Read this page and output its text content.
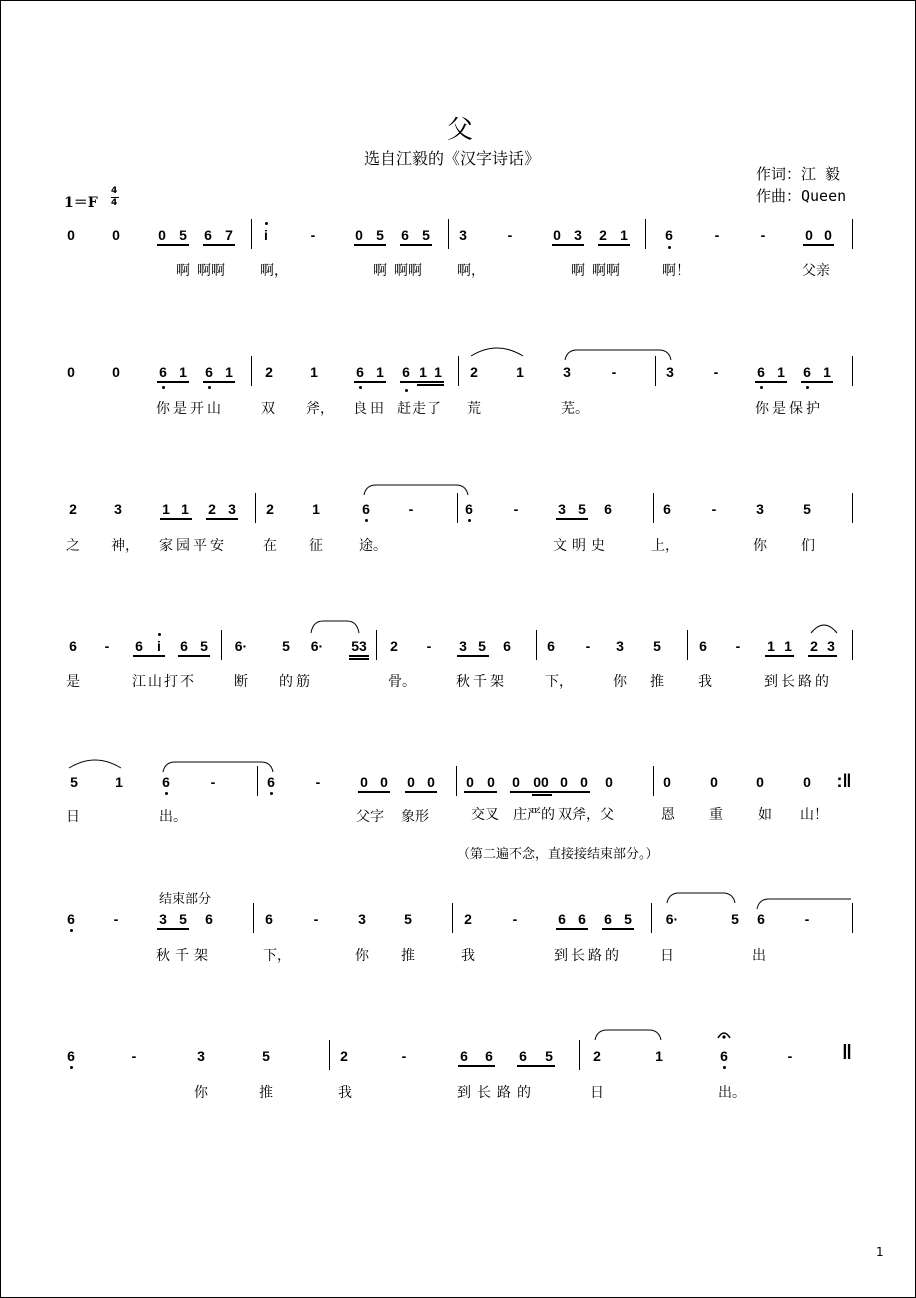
父
选自江毅的《汉字诗话》
作词：江 毅
作曲：Queen
1＝F
4
4
0	0	0 5 6 7 i	-	0 5 6 5 3	-	0 3 2 1	6	-	-	0 0
啊 啊啊	啊，	啊 啊啊	啊，	啊 啊啊	啊！	父亲
0	0	6 1 6 1 2	1	6 1 6 1 1 2	1	3	-	3	-	6 1 6 1
你是开山	双 斧， 良田 赶走了 荒	芜。	你是保护
2	3	1 1 2 3 2	1	6	-	6	-	3 5 6	6	-	3	5
之 神， 家园平安	在 征	途。	文明史	上，	你 们
6 - 6 i 6 5 6· 5 6· 53 2 - 3 5 6	6 - 3 5	6 - 1 1 2 3
是	江山打不	断 的筋	骨。	秋千架	下，	你 推 我	到长路的
5	1	6	-	6	-	0 0 0 0 0 0 0 00 0 0 0	0	0	0	0 :‖
日	出。	父字 象形	交叉 庄严的 双斧，父	恩 重	如 山！
（第二遍不念，直接接结束部分。）
结束部分
6	-	3 5 6	6	-	3	5	2	-	6 6 6 5 6·	5 6	-
秋千架	下，	你 推	我	到长路的	日	出
6	-	3	5	2	-	6 6 6 5	2	1	6	- ‖
你	推	我	到长路的	日	出。
1
